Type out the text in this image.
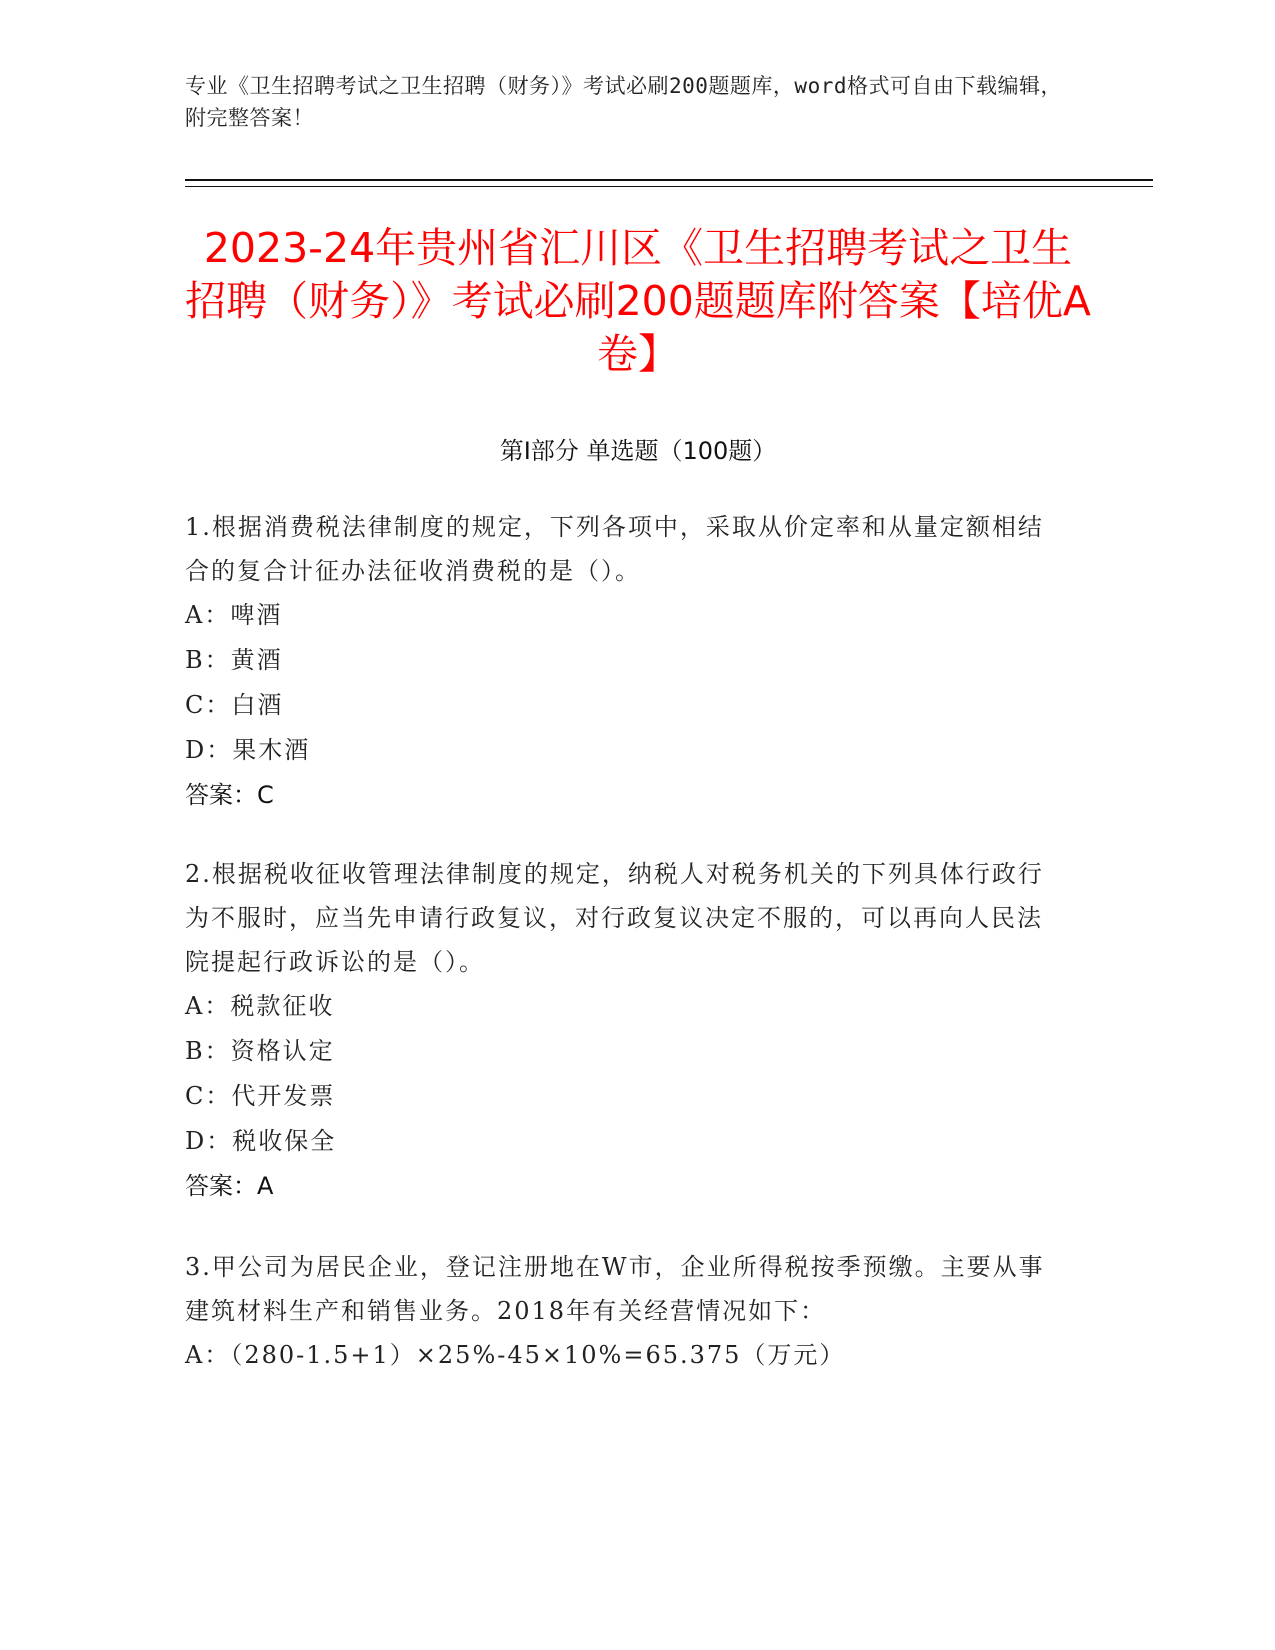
专业《卫生招聘考试之卫生招聘（财务）》考试必刷200题题库，word格式可自由下载编辑，附完整答案！
2023-24年贵州省汇川区《卫生招聘考试之卫生招聘（财务）》考试必刷200题题库附答案【培优A卷】
第Ⅰ部分 单选题（100题）
1.根据消费税法律制度的规定，下列各项中，采取从价定率和从量定额相结合的复合计征办法征收消费税的是（）。
A：啤酒
B：黄酒
C：白酒
D：果木酒
答案：C
2.根据税收征收管理法律制度的规定，纳税人对税务机关的下列具体行政行为不服时，应当先申请行政复议，对行政复议决定不服的，可以再向人民法院提起行政诉讼的是（）。
A：税款征收
B：资格认定
C：代开发票
D：税收保全
答案：A
3.甲公司为居民企业，登记注册地在W市，企业所得税按季预缴。主要从事建筑材料生产和销售业务。2018年有关经营情况如下：
A：（280-1.5+1）×25%-45×10%=65.375（万元）
